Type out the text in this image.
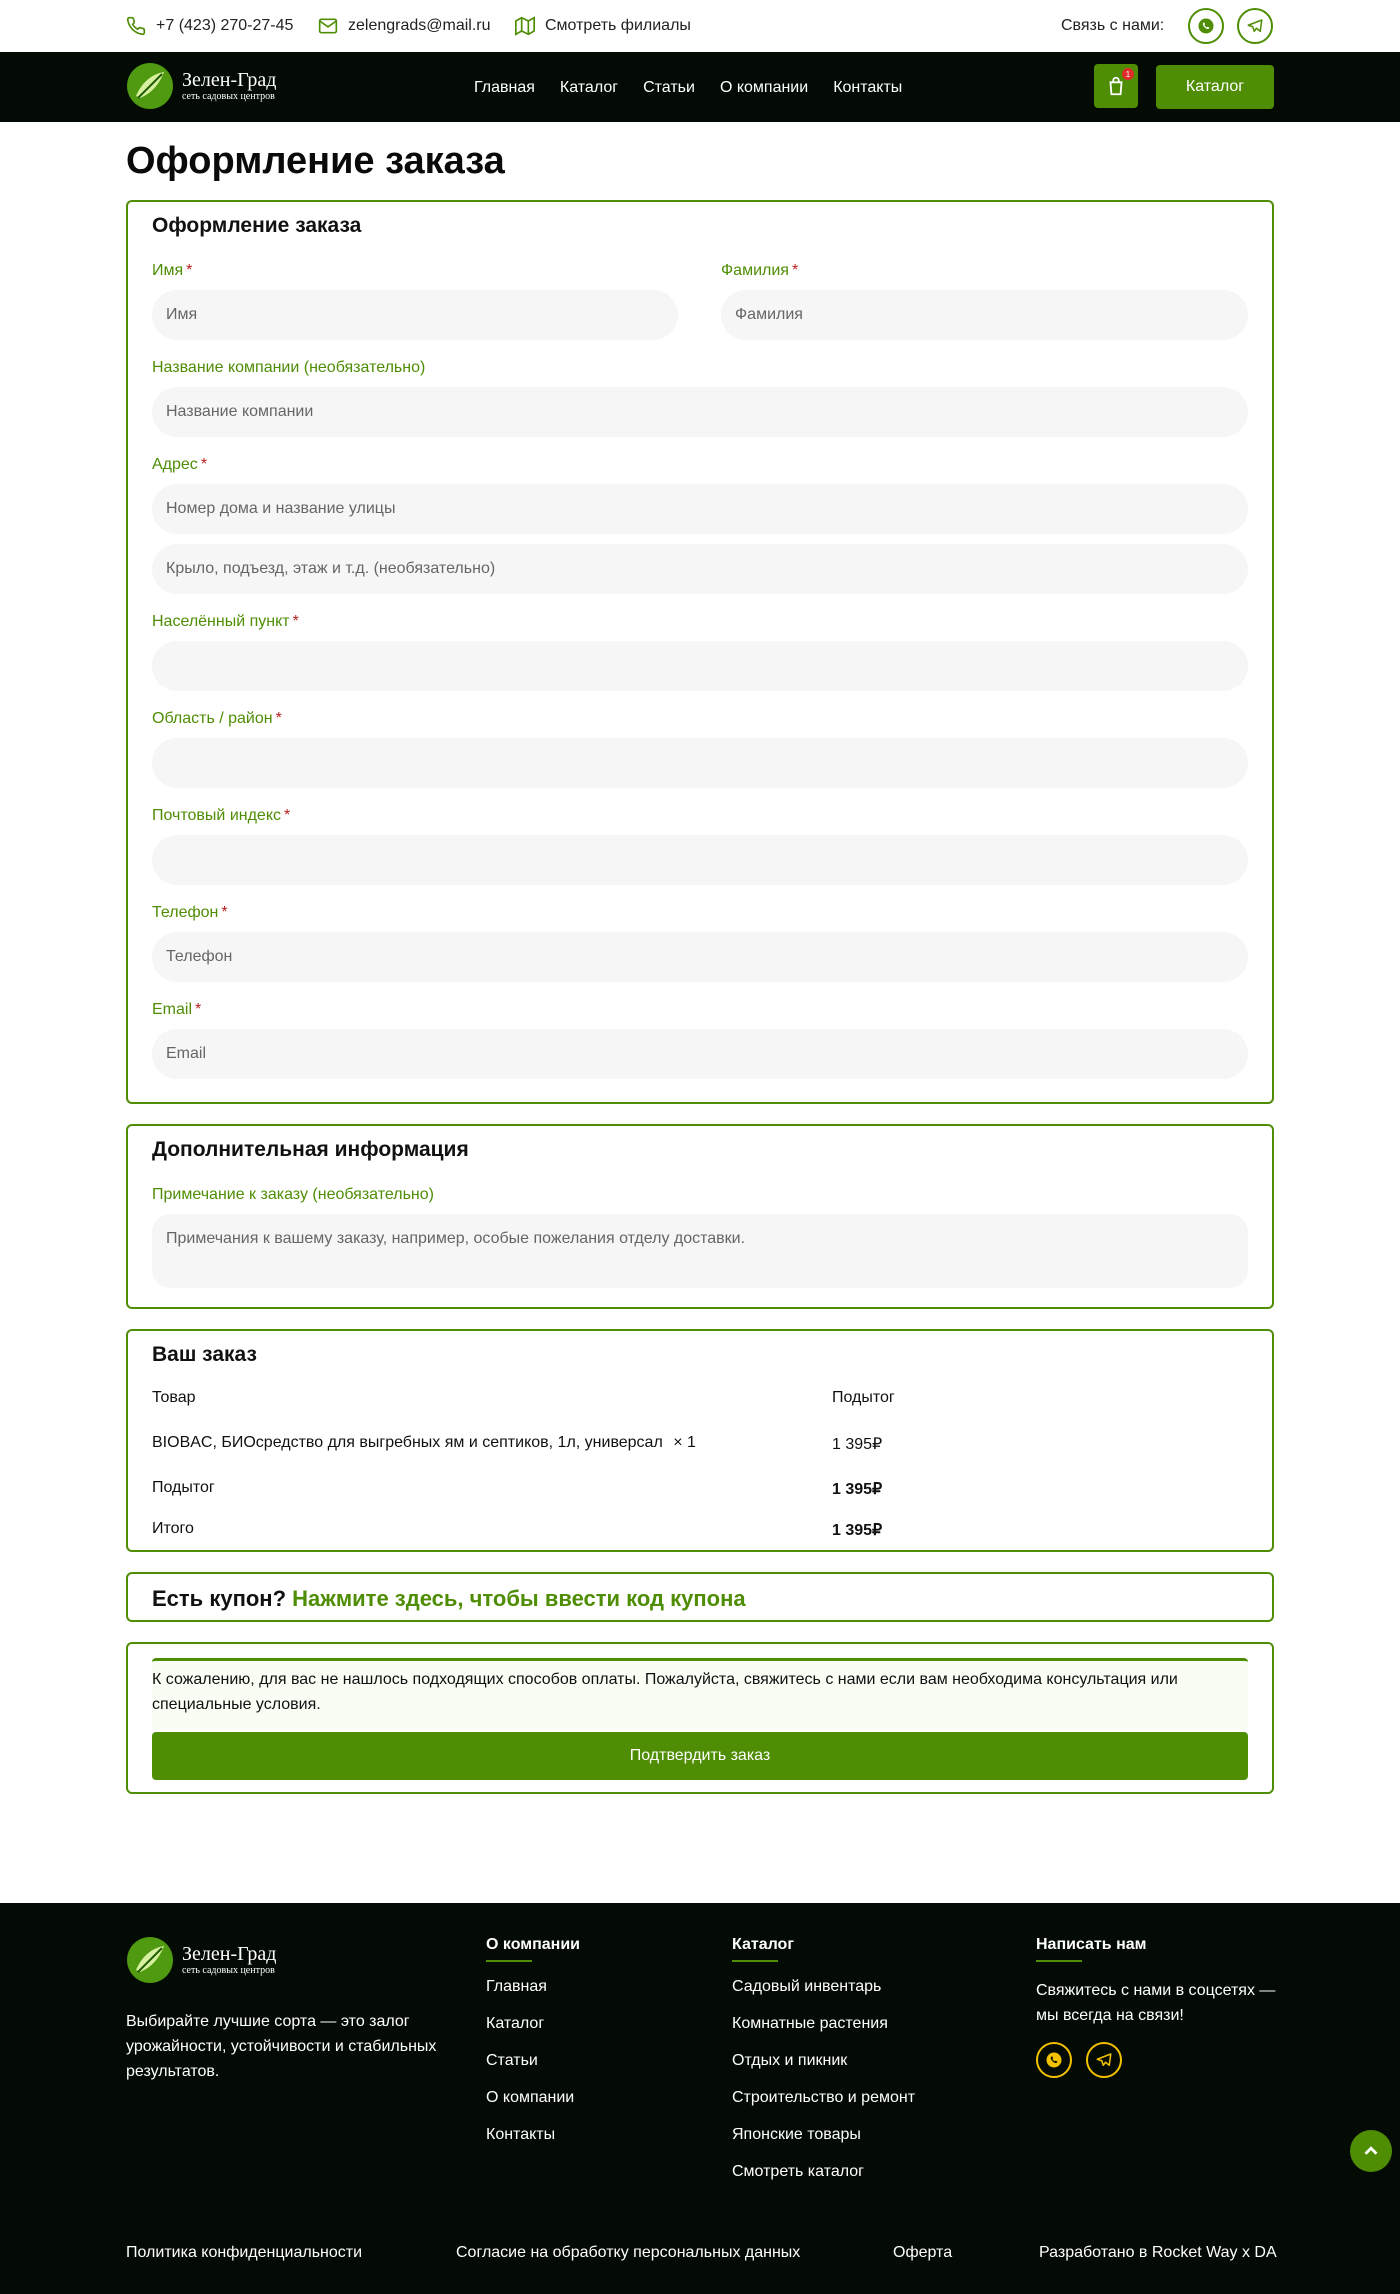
+7 (423) 270-27-45	zelengrads@mail.ru	Смотреть филиалы	Связь с нами:
Зелен-Град
сеть садовых центров
Главная Каталог Статьи О компании Контакты
1
Каталог
Оформление заказа
Оформление заказа
Имя *
Имя
Фамилия *
Фамилия
Название компании (необязательно)
Название компании
Адрес *
Номер дома и название улицы
Крыло, подъезд, этаж и т.д. (необязательно)
Населённый пункт *
Область / район *
Почтовый индекс *
Телефон *
Телефон
Email *
Email
Дополнительная информация
Примечание к заказу (необязательно)
Примечания к вашему заказу, например, особые пожелания отделу доставки.
Ваш заказ
Товар	Подытог
BIOBAC, БИОсредство для выгребных ям и септиков, 1л, универсал × 1	1 395₽
Подытог	1 395₽
Итого	1 395₽
Есть купон? Нажмите здесь, чтобы ввести код купона
К сожалению, для вас не нашлось подходящих способов оплаты. Пожалуйста, свяжитесь с нами если вам необходима консультация или специальные условия.
Подтвердить заказ
Зелен-Град
сеть садовых центров
Выбирайте лучшие сорта — это залог урожайности, устойчивости и стабильных результатов.
О компании
Главная
Каталог
Статьи
О компании
Контакты
Каталог
Садовый инвентарь
Комнатные растения
Отдых и пикник
Строительство и ремонт
Японские товары
Смотреть каталог
Написать нам
Свяжитесь с нами в соцсетях — мы всегда на связи!
Политика конфиденциальности	Согласие на обработку персональных данных	Оферта	Разработано в Rocket Way x DA
